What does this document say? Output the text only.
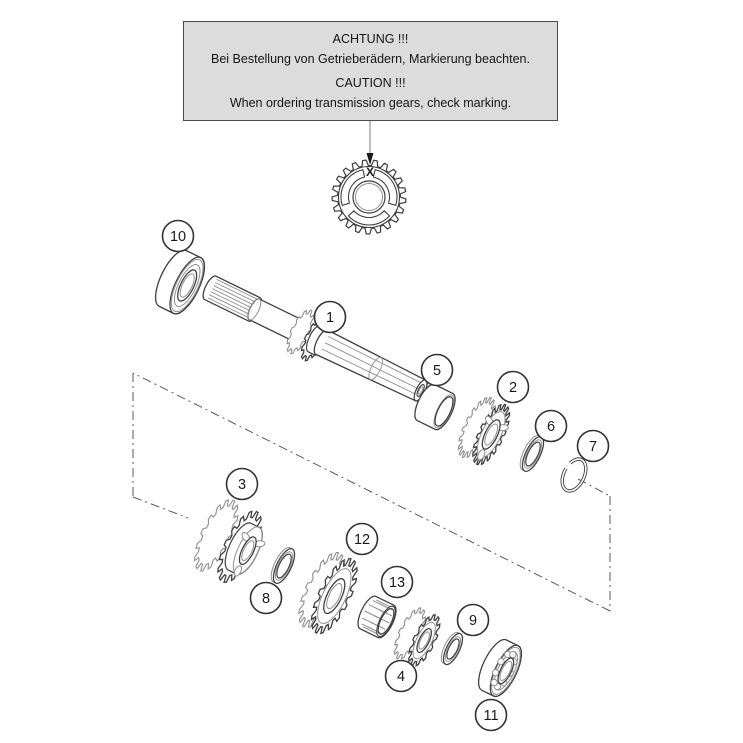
X
1
2
3
4
5
6
7
8
9
10
11
12
13
ACHTUNG !!!
Bei Bestellung von Getrieberädern, Markierung beachten.
CAUTION !!!
When ordering transmission gears, check marking.
